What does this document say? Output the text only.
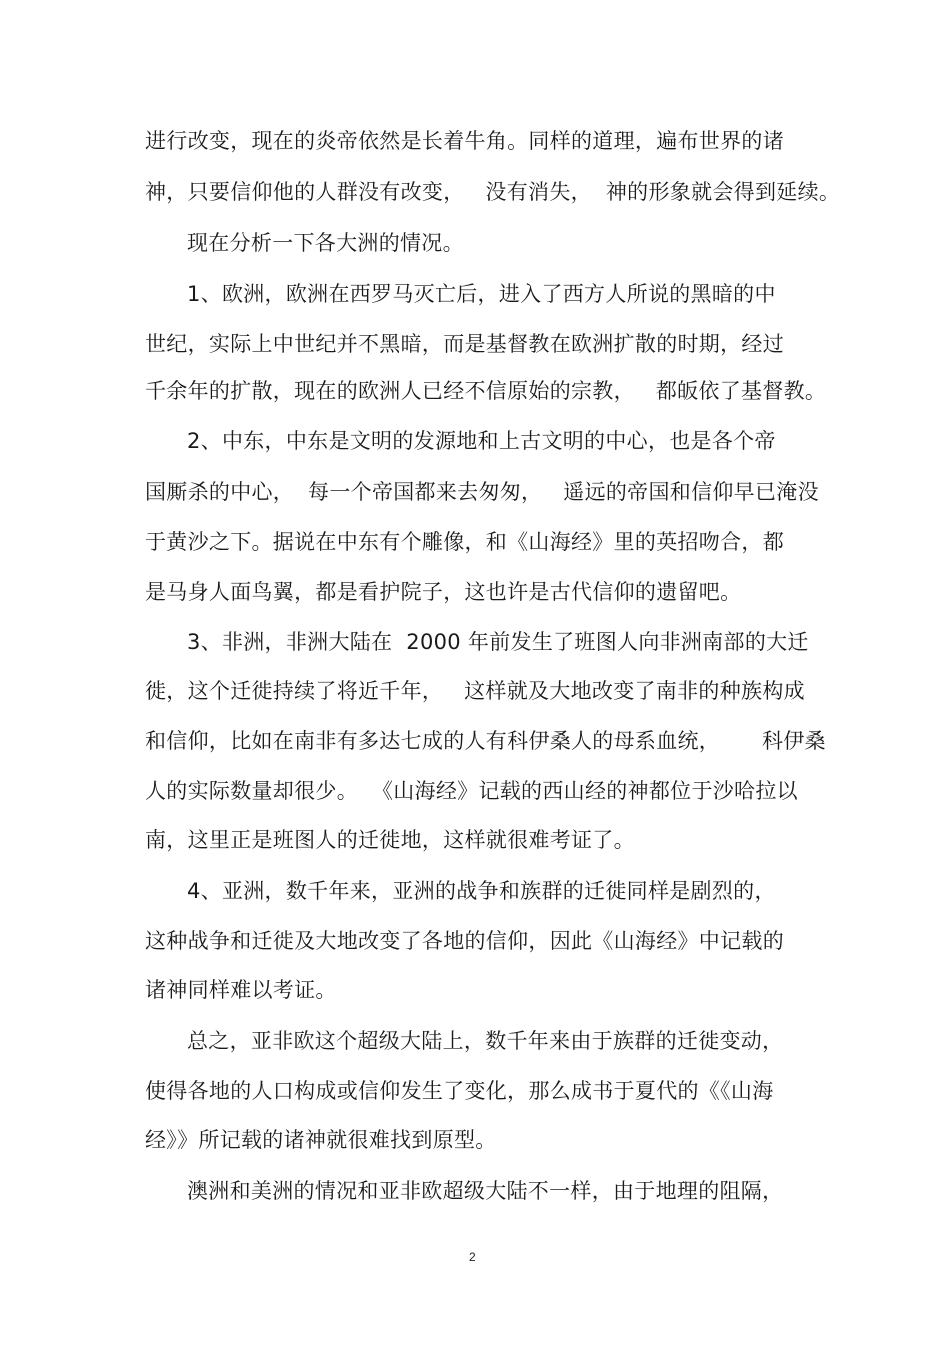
进行改变，现在的炎帝依然是长着牛角。同样的道理，遍布世界的诸
神，只要信仰他的人群没有改变，   没有消失，  神的形象就会得到延续。
现在分析一下各大洲的情况。
1、欧洲，欧洲在西罗马灭亡后，进入了西方人所说的黑暗的中
世纪，实际上中世纪并不黑暗，而是基督教在欧洲扩散的时期，经过
千余年的扩散，现在的欧洲人已经不信原始的宗教，   都皈依了基督教。
2、中东，中东是文明的发源地和上古文明的中心，也是各个帝
国厮杀的中心，  每一个帝国都来去匆匆，   遥远的帝国和信仰早已淹没
于黄沙之下。据说在中东有个雕像，和《山海经》里的英招吻合，都
是马身人面鸟翼，都是看护院子，这也许是古代信仰的遗留吧。
3、非洲，非洲大陆在  2000 年前发生了班图人向非洲南部的大迁
徙，这个迁徙持续了将近千年，   这样就及大地改变了南非的种族构成
和信仰，比如在南非有多达七成的人有科伊桑人的母系血统，      科伊桑
人的实际数量却很少。  《山海经》记载的西山经的神都位于沙哈拉以
南，这里正是班图人的迁徙地，这样就很难考证了。
4、亚洲，数千年来，亚洲的战争和族群的迁徙同样是剧烈的，
这种战争和迁徙及大地改变了各地的信仰，因此《山海经》中记载的
诸神同样难以考证。
总之，亚非欧这个超级大陆上，数千年来由于族群的迁徙变动，
使得各地的人口构成或信仰发生了变化，那么成书于夏代的《《山海
经》》所记载的诸神就很难找到原型。
澳洲和美洲的情况和亚非欧超级大陆不一样，由于地理的阻隔，
2
